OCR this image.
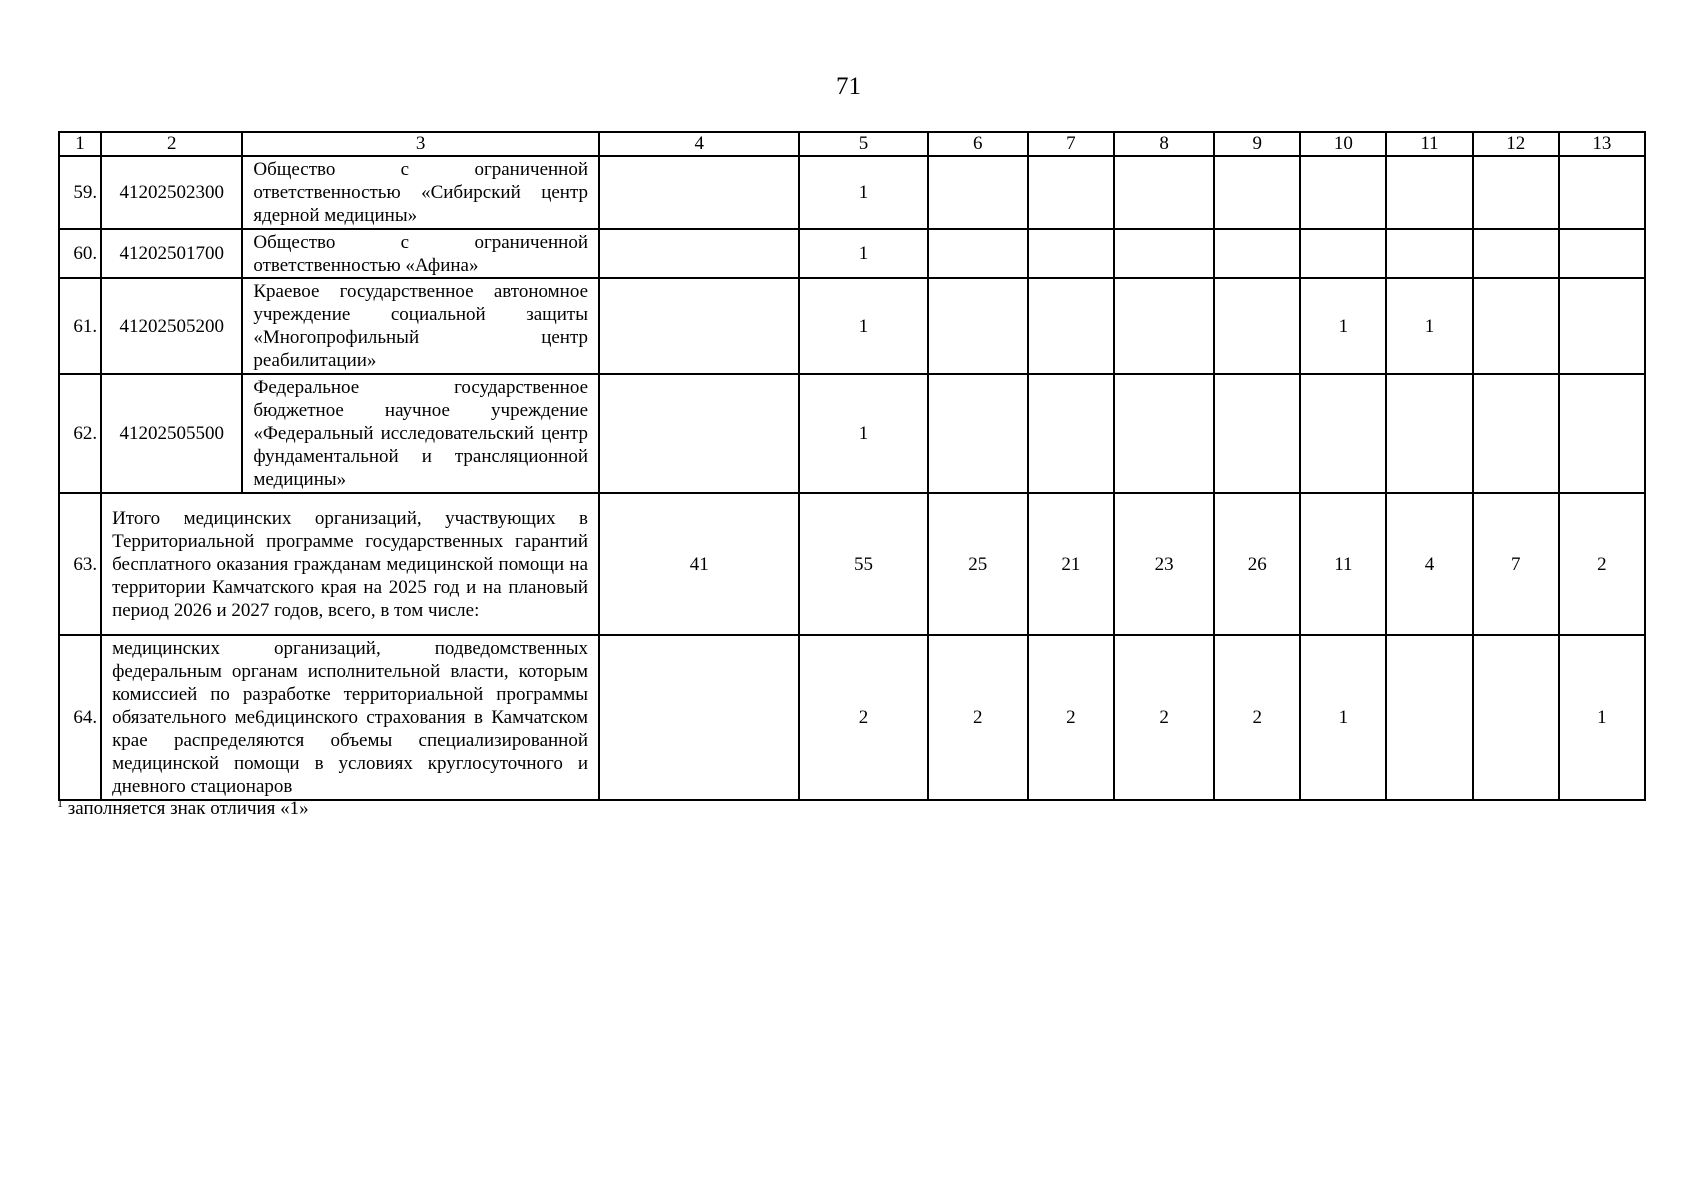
71
1	2	3	4	5	6	7	8	9	10	11	12	13
59.	41202502300	Общество с ограниченной ответственностью «Сибирский центр ядерной медицины»		1								
60.	41202501700	Общество с ограниченной ответственностью «Афина»		1								
61.	41202505200	Краевое государственное автономное учреждение социальной защиты «Многопрофильный центр реабилитации»		1					1	1		
62.	41202505500	Федеральное государственное бюджетное научное учреждение «Федеральный исследовательский центр фундаментальной и трансляционной медицины»		1								
63.	Итого медицинских организаций, участвующих в Территориальной программе государственных гарантий бесплатного оказания гражданам медицинской помощи на территории Камчатского края на 2025 год и на плановый период 2026 и 2027 годов, всего, в том числе:		41	55	25	21	23	26	11	4	7	2
64.	медицинских организаций, подведомственных федеральным органам исполнительной власти, которым комиссией по разработке территориальной программы обязательного ме6дицинского страхования в Камчатском крае распределяются объемы специализированной медицинской помощи в условиях круглосуточного и дневного стационаров			2	2	2	2	2	1			1
$^1$ заполняется знак отличия «1»
